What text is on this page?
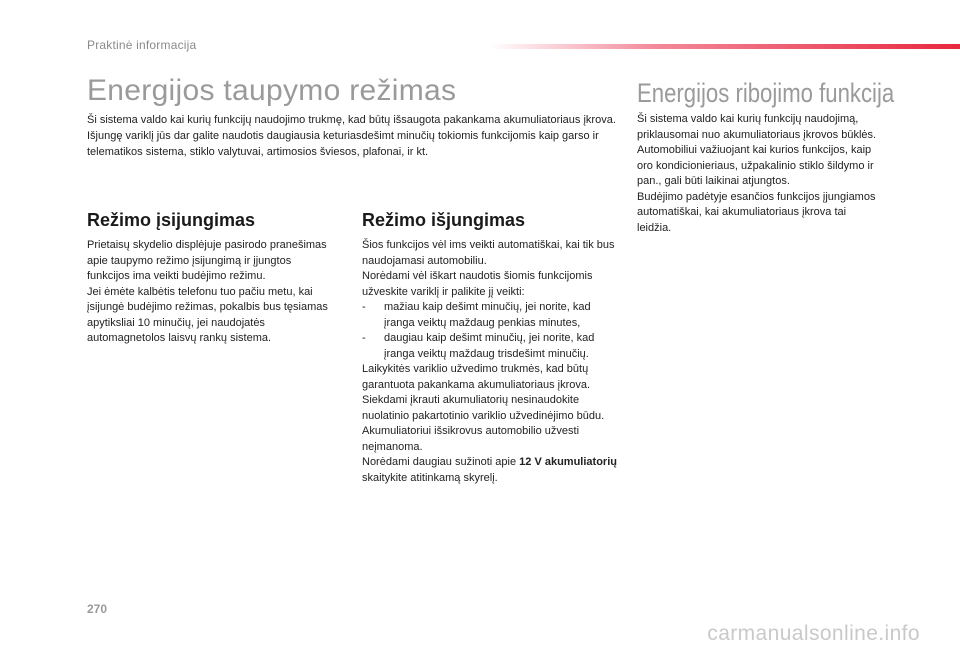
Praktinė informacija
Energijos taupymo režimas

Ši sistema valdo kai kurių funkcijų naudojimo trukmę, kad būtų išsaugota pakankama akumuliatoriaus įkrova.

Išjungę variklį jūs dar galite naudotis daugiausia keturiasdešimt minučių tokiomis funkcijomis kaip garso ir telematikos sistema, stiklo valytuvai, artimosios šviesos, plafonai, ir kt.

Režimo įsijungimas

Prietaisų skydelio displėjuje pasirodo pranešimas apie taupymo režimo įsijungimą ir įjungtos funkcijos ima veikti budėjimo režimu.

Jei ėmėte kalbėtis telefonu tuo pačiu metu, kai įsijungė budėjimo režimas, pokalbis bus tęsiamas apytiksliai 10 minučių, jei naudojatės automagnetolos laisvų rankų sistema.

Režimo išjungimas

Šios funkcijos vėl ims veikti automatiškai, kai tik bus naudojamasi automobiliu.

Norėdami vėl iškart naudotis šiomis funkcijomis užveskite variklį ir palikite jį veikti:

- mažiau kaip dešimt minučių, jei norite, kad įranga veiktų maždaug penkias minutes,
- daugiau kaip dešimt minučių, jei norite, kad įranga veiktų maždaug trisdešimt minučių.

Laikykitės variklio užvedimo trukmės, kad būtų garantuota pakankama akumuliatoriaus įkrova.

Siekdami įkrauti akumuliatorių nesinaudokite nuolatinio pakartotinio variklio užvedinėjimo būdu.

Akumuliatoriui išsikrovus automobilio užvesti neįmanoma.

Norėdami daugiau sužinoti apie 12 V akumuliatorių skaitykite atitinkamą skyrelį.

Energijos ribojimo funkcija

Ši sistema valdo kai kurių funkcijų naudojimą, priklausomai nuo akumuliatoriaus įkrovos būklės.

Automobiliui važiuojant kai kurios funkcijos, kaip oro kondicionieriaus, užpakalinio stiklo šildymo ir pan., gali būti laikinai atjungtos.

Budėjimo padėtyje esančios funkcijos įjungiamos automatiškai, kai akumuliatoriaus įkrova tai leidžia.

270
carmanualsonline.info
